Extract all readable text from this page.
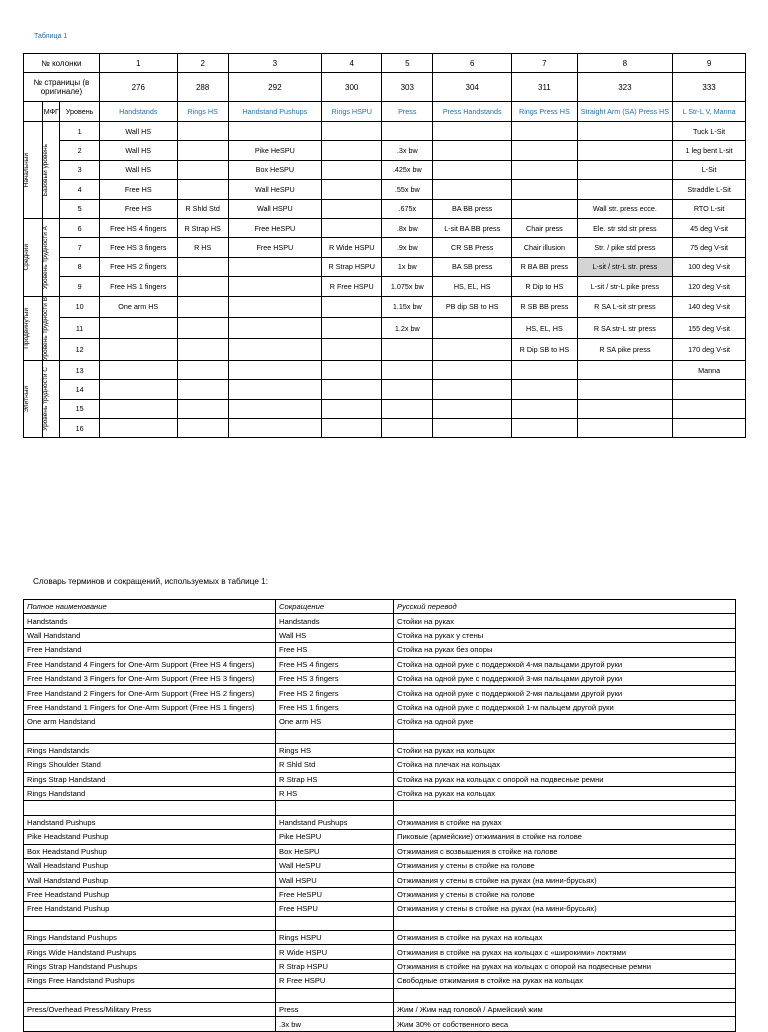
Таблица 1
№ колонки			1	2	3	4	5	6	7	8	9
№ страницы (в оригинале)			276	288	292	300	303	304	311	323	333
	МФГ	Уровень	Handstands	Rings HS	Handstand Pushups	Rings HSPU	Press	Press Handstands	Rings Press HS	Straight Arm (SA) Press HS	L Str-L V, Manna

Начальный	Базовый уровень	1	Wall HS								Tuck L-Sit
		2	Wall HS		Pike HeSPU		.3x bw				1 leg bent L-sit
		3	Wall HS		Box HeSPU		.425x bw				L-Sit
		4	Free HS		Wall HeSPU		.55x bw				Straddle L-Sit
		5	Free HS	R Shld Std	Wall HSPU		.675x	BA BB press		Wall str. press ecce.	RTO L-sit

Средний	Уровень трудности А	6	Free HS 4 fingers	R Strap HS	Free HeSPU		.8x bw	L-sit BA BB press	Chair press	Ele. str std str press	45 deg V-sit
		7	Free HS 3 fingers	R HS	Free HSPU	R Wide HSPU	.9x bw	CR SB Press	Chair illusion	Str. / pike std press	75 deg V-sit
		8	Free HS 2 fingers			R Strap HSPU	1x bw	BA SB press	R BA BB press	L-sit / str-L str. press	100 deg V-sit
		9	Free HS 1 fingers			R Free HSPU	1.075x bw	HS, EL, HS	R Dip to HS	L-sit / str-L pike press	120 deg V-sit

Продвинутый	Уровень трудности В	10	One arm HS				1.15x bw	PB dip SB to HS	R SB BB press	R SA L-sit str press	140 deg V-sit
		11					1.2x bw		HS, EL, HS	R SA str-L str press	155 deg V-sit
		12							R Dip SB to HS	R SA pike press	170 deg V-sit

Элитный	Уровень трудности С	13									Manna
		14									
		15									
		16									
Словарь терминов и сокращений, используемых в таблице 1:
Полное наименование	Сокращение	Русский перевод
Handstands	Handstands	Стойки на руках
Wall Handstand	Wall HS	Стойка на руках у стены
Free Handstand	Free HS	Стойка на руках без опоры
Free Handstand 4 Fingers for One-Arm Support (Free HS 4 fingers)	Free HS 4 fingers	Стойка на одной руке с поддержкой 4-мя пальцами другой руки
Free Handstand 3 Fingers for One-Arm Support (Free HS 3 fingers)	Free HS 3 fingers	Стойка на одной руке с поддержкой 3-мя пальцами другой руки
Free Handstand 2 Fingers for One-Arm Support (Free HS 2 fingers)	Free HS 2 fingers	Стойка на одной руке с поддержкой 2-мя пальцами другой руки
Free Handstand 1 Fingers for One-Arm Support (Free HS 1 fingers)	Free HS 1 fingers	Стойка на одной руке с поддержкой 1-м пальцем другой руки
One arm Handstand	One arm HS	Стойка на одной руке

Rings Handstands	Rings HS	Стойки на руках на кольцах
Rings Shoulder Stand	R Shld Std	Стойка на плечах на кольцах
Rings Strap Handstand	R Strap HS	Стойка на руках на кольцах с опорой на подвесные ремни
Rings Handstand	R HS	Стойка на руках на кольцах

Handstand Pushups	Handstand Pushups	Отжимания в стойке на руках
Pike Headstand Pushup	Pike HeSPU	Пиковые (армейские) отжимания в стойке на голове
Box Headstand Pushup	Box HeSPU	Отжимания с возвышения в стойке на голове
Wall Headstand Pushup	Wall HeSPU	Отжимания у стены в стойке на голове
Wall Handstand Pushup	Wall HSPU	Отжимания у стены в стойке на руках (на мини-брусьях)
Free Headstand Pushup	Free HeSPU	Отжимания у стены в стойке на голове
Free Handstand Pushup	Free HSPU	Отжимания у стены в стойке на руках (на мини-брусьях)

Rings Handstand Pushups	Rings HSPU	Отжимания в стойке на руках на кольцах
Rings Wide Handstand Pushups	R Wide HSPU	Отжимания в стойке на руках на кольцах с «широкими» локтями
Rings Strap Handstand Pushups	R Strap HSPU	Отжимания в стойке на руках на кольцах с опорой на подвесные ремни
Rings Free Handstand Pushups	R Free HSPU	Свободные отжимания в стойке на руках на кольцах

Press/Overhead Press/Military Press	Press	Жим / Жим над головой / Армейский жим
	.3x bw	Жим 30% от собственного веса
